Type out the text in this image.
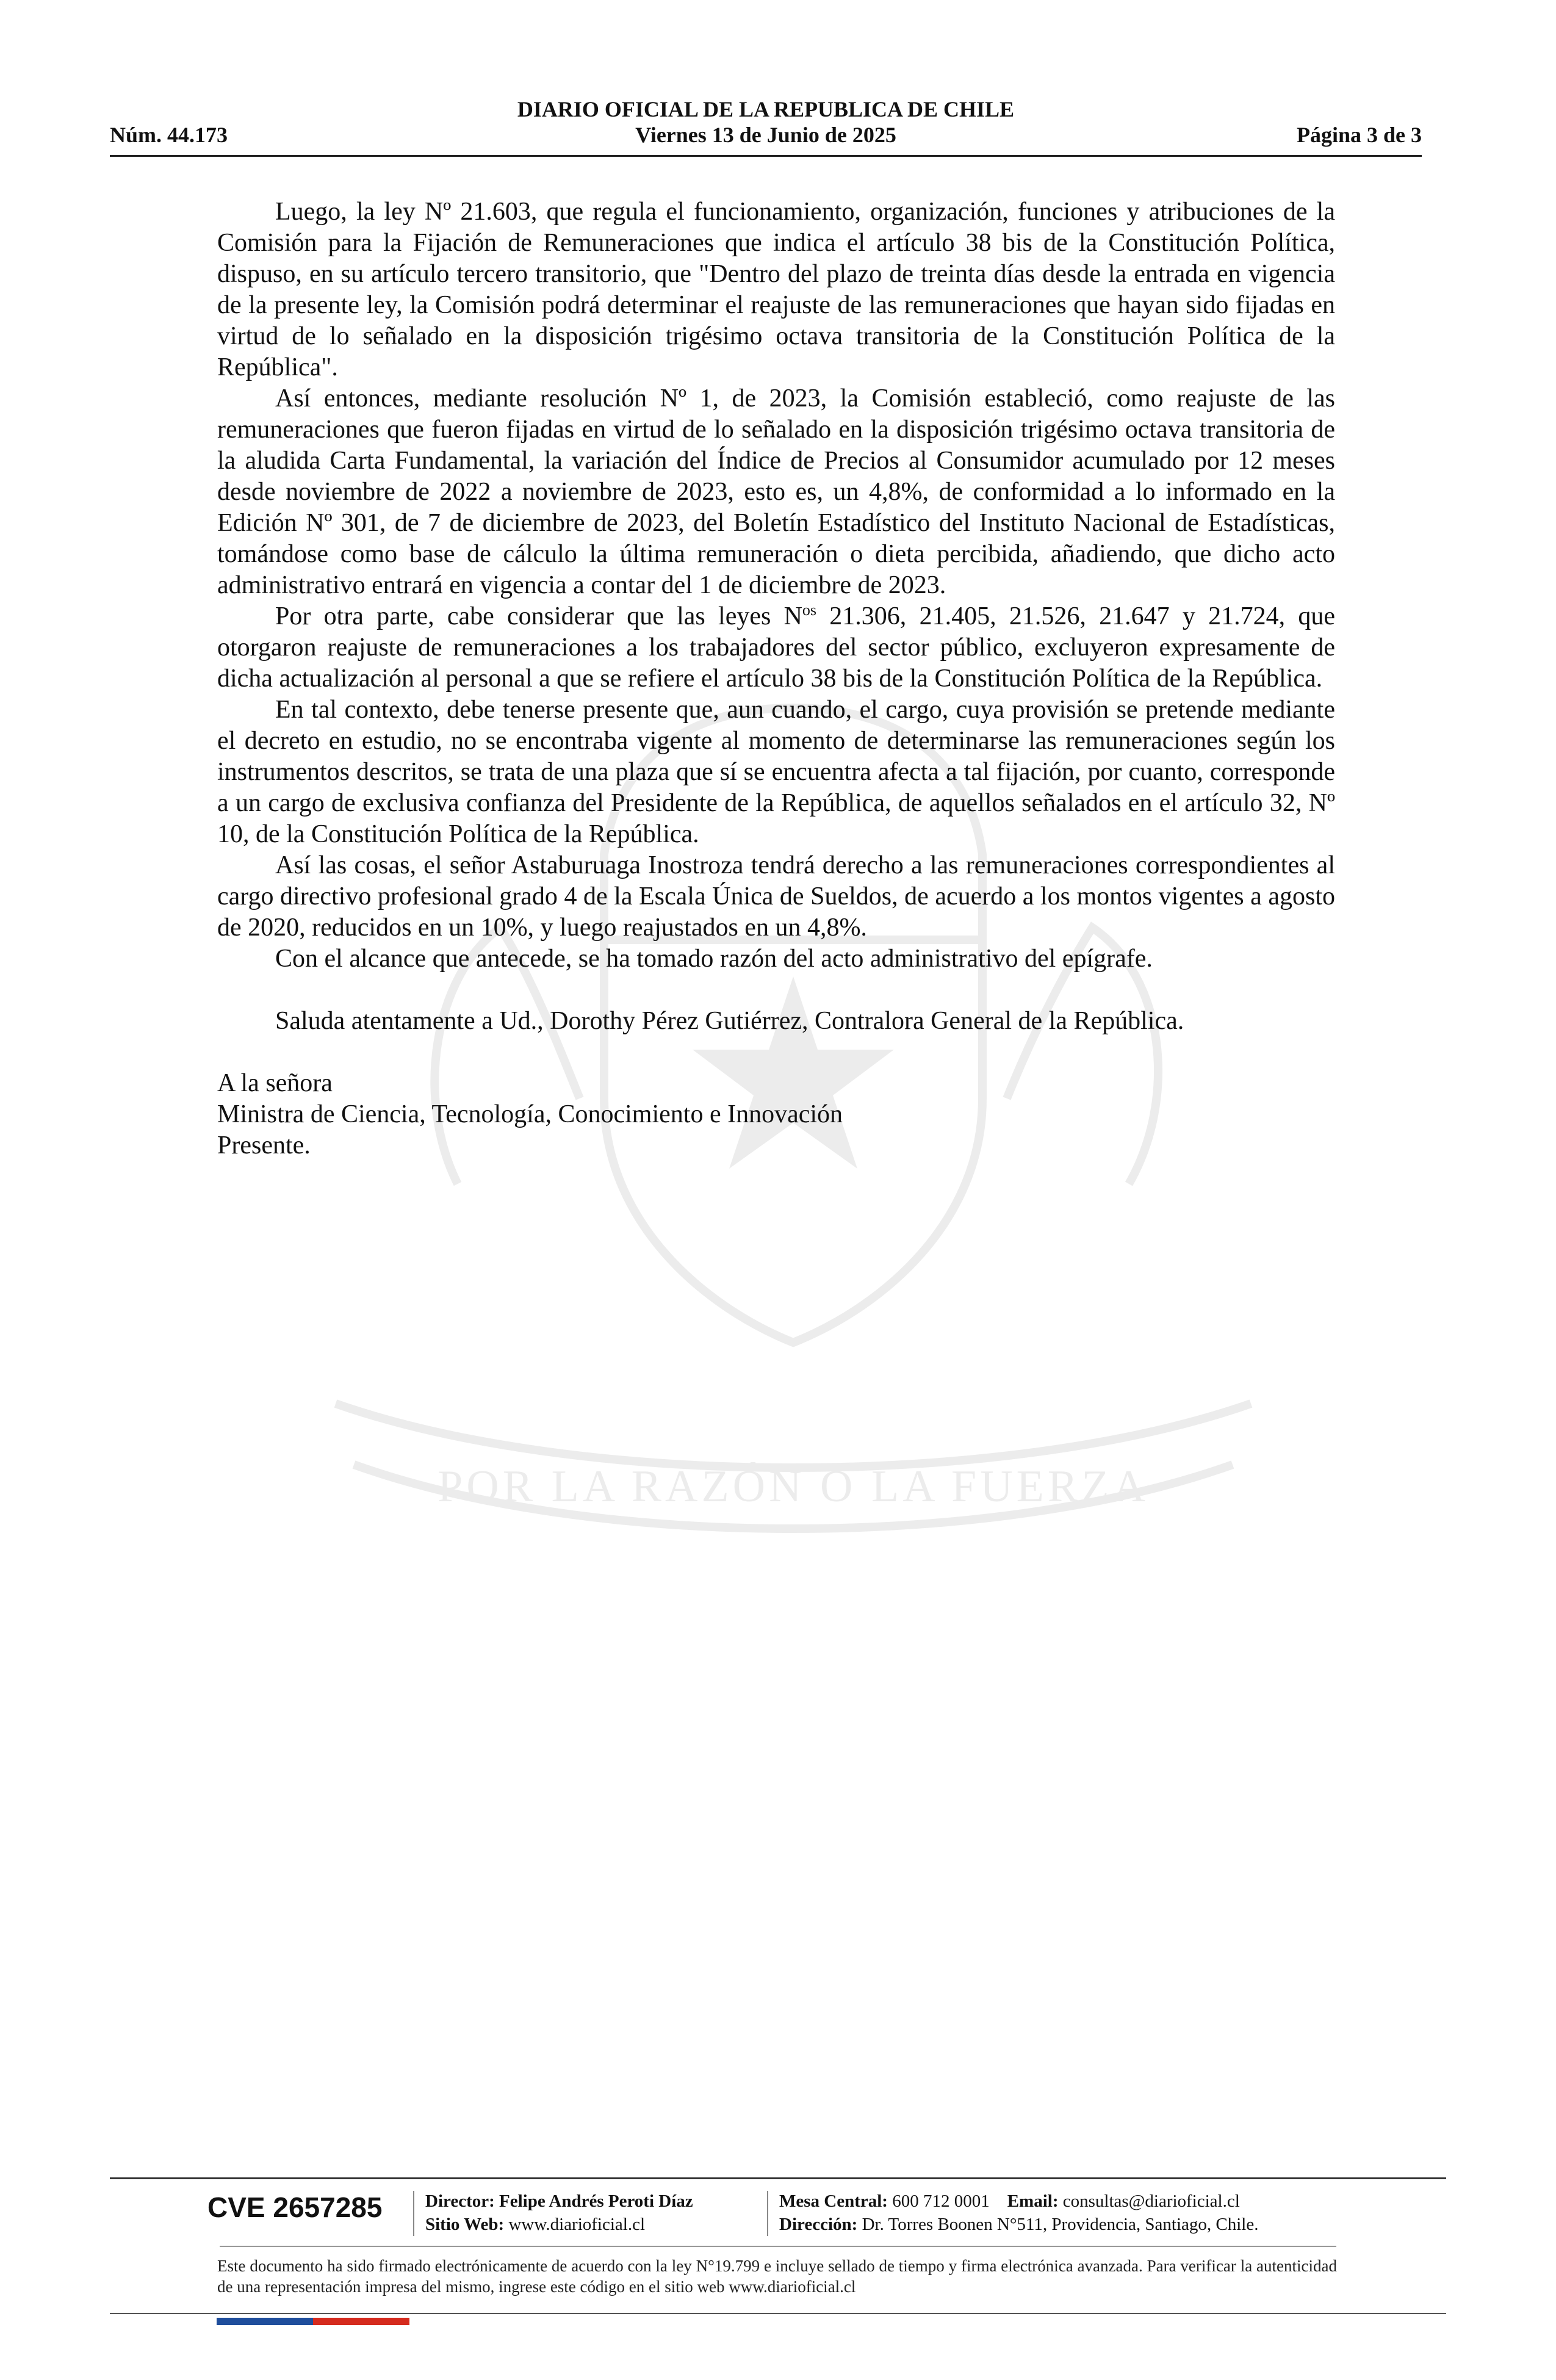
DIARIO OFICIAL DE LA REPUBLICA DE CHILE
Núm. 44.173	Viernes 13 de Junio de 2025	Página 3 de 3
POR LA RAZÓN O LA FUERZA

Luego, la ley Nº 21.603, que regula el funcionamiento, organización, funciones y atribuciones de la Comisión para la Fijación de Remuneraciones que indica el artículo 38 bis de la Constitución Política, dispuso, en su artículo tercero transitorio, que "Dentro del plazo de treinta días desde la entrada en vigencia de la presente ley, la Comisión podrá determinar el reajuste de las remuneraciones que hayan sido fijadas en virtud de lo señalado en la disposición trigésimo octava transitoria de la Constitución Política de la República".

Así entonces, mediante resolución Nº 1, de 2023, la Comisión estableció, como reajuste de las remuneraciones que fueron fijadas en virtud de lo señalado en la disposición trigésimo octava transitoria de la aludida Carta Fundamental, la variación del Índice de Precios al Consumidor acumulado por 12 meses desde noviembre de 2022 a noviembre de 2023, esto es, un 4,8%, de conformidad a lo informado en la Edición Nº 301, de 7 de diciembre de 2023, del Boletín Estadístico del Instituto Nacional de Estadísticas, tomándose como base de cálculo la última remuneración o dieta percibida, añadiendo, que dicho acto administrativo entrará en vigencia a contar del 1 de diciembre de 2023.

Por otra parte, cabe considerar que las leyes $N^{os}$ 21.306, 21.405, 21.526, 21.647 y 21.724, que otorgaron reajuste de remuneraciones a los trabajadores del sector público, excluyeron expresamente de dicha actualización al personal a que se refiere el artículo 38 bis de la Constitución Política de la República.

En tal contexto, debe tenerse presente que, aun cuando, el cargo, cuya provisión se pretende mediante el decreto en estudio, no se encontraba vigente al momento de determinarse las remuneraciones según los instrumentos descritos, se trata de una plaza que sí se encuentra afecta a tal fijación, por cuanto, corresponde a un cargo de exclusiva confianza del Presidente de la República, de aquellos señalados en el artículo 32, Nº 10, de la Constitución Política de la República.

Así las cosas, el señor Astaburuaga Inostroza tendrá derecho a las remuneraciones correspondientes al cargo directivo profesional grado 4 de la Escala Única de Sueldos, de acuerdo a los montos vigentes a agosto de 2020, reducidos en un 10%, y luego reajustados en un 4,8%.

Con el alcance que antecede, se ha tomado razón del acto administrativo del epígrafe.

Saluda atentamente a Ud., Dorothy Pérez Gutiérrez, Contralora General de la República.

A la señora

Ministra de Ciencia, Tecnología, Conocimiento e Innovación

Presente.

CVE 2657285 Director: Felipe Andrés Peroti Díaz
Sitio Web: www.diarioficial.cl
Mesa Central: 600 712 0001 Email: consultas@diarioficial.cl
Dirección: Dr. Torres Boonen N°511, Providencia, Santiago, Chile.
Este documento ha sido firmado electrónicamente de acuerdo con la ley N°19.799 e incluye sellado de tiempo y firma electrónica avanzada. Para verificar la autenticidad de una representación impresa del mismo, ingrese este código en el sitio web www.diarioficial.cl
